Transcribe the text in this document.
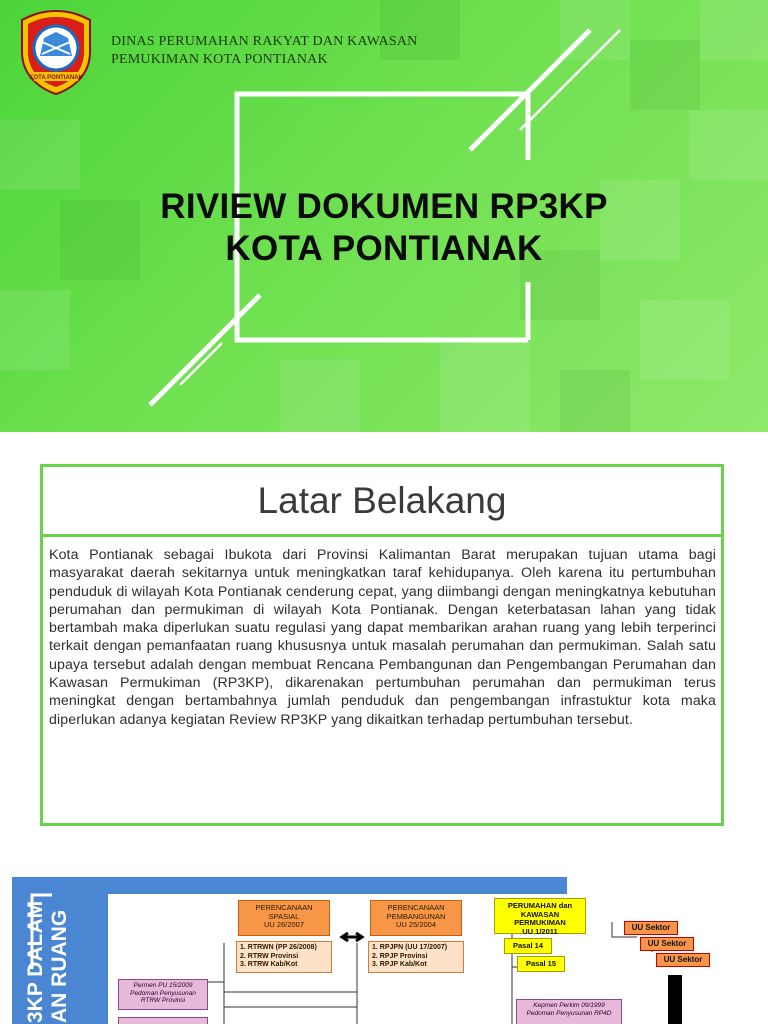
KOTA PONTIANAK
DINAS PERUMAHAN RAKYAT DAN KAWASAN
PEMUKIMAN KOTA PONTIANAK
RIVIEW DOKUMEN RP3KP
KOTA PONTIANAK
Latar Belakang
Kota Pontianak sebagai Ibukota dari Provinsi Kalimantan Barat merupakan tujuan utama bagi masyarakat daerah sekitarnya untuk meningkatkan taraf kehidupanya. Oleh karena itu pertumbuhan penduduk di wilayah Kota Pontianak cenderung cepat, yang diimbangi dengan meningkatnya kebutuhan perumahan dan permukiman di wilayah Kota Pontianak. Dengan keterbatasan lahan yang tidak bertambah maka diperlukan suatu regulasi yang dapat membarikan arahan ruang yang lebih terperinci terkait dengan pemanfaatan ruang khususnya untuk masalah perumahan dan permukiman. Salah satu upaya tersebut adalah dengan membuat Rencana Pembangunan dan Pengembangan Perumahan dan Kawasan Permukiman (RP3KP), dikarenakan pertumbuhan perumahan dan permukiman terus meningkat dengan bertambahnya jumlah penduduk dan pengembangan infrastuktur kota maka diperlukan adanya kegiatan Review RP3KP yang dikaitkan terhadap pertumbuhan tersebut.
3KP DALAM AN RUANG
PERENCANAAN
SPASIAL
UU 26/2007
1. RTRWN (PP 26/2008)
2. RTRW Provinsi
3. RTRW Kab/Kot
PERENCANAAN
PEMBANGUNAN
UU 25/2004
1. RPJPN (UU 17/2007)
2. RPJP Provinsi
3. RPJP Kab/Kot
PERUMAHAN dan
KAWASAN PERMUKIMAN
UU 1/2011
Pasal 14
Pasal 15
UU Sektor
UU Sektor
UU Sektor
Permen PU 15/2009
Pedoman Penyusunan
RTRW Provinsi
Kepmen Perkim 09/1999
Pedoman Penyusunan RP4D
